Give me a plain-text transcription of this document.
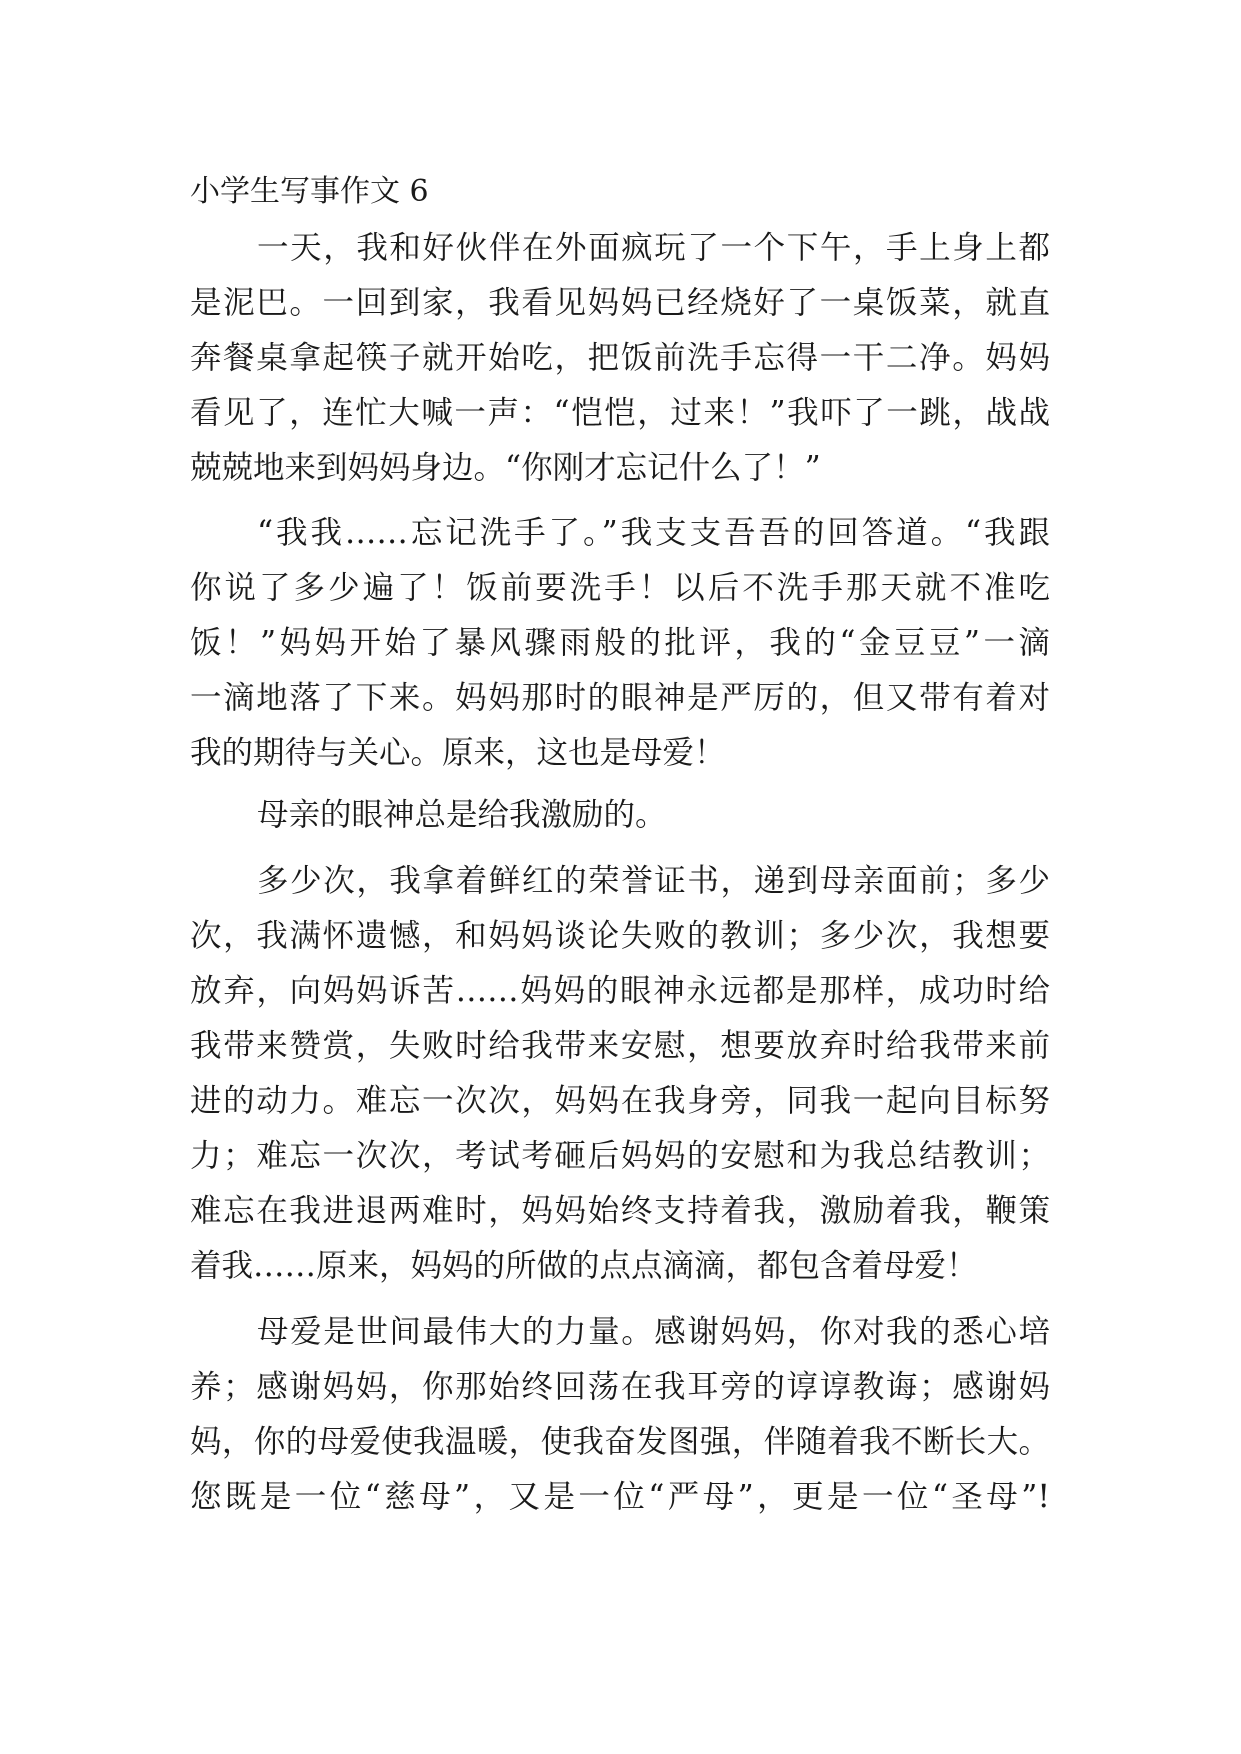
小学生写事作文 6

一天，我和好伙伴在外面疯玩了一个下午，手上身上都

是泥巴。一回到家，我看见妈妈已经烧好了一桌饭菜，就直

奔餐桌拿起筷子就开始吃，把饭前洗手忘得一干二净。妈妈

看见了，连忙大喊一声：“恺恺，过来！”我吓了一跳，战战

兢兢地来到妈妈身边。“你刚才忘记什么了！”

“我我……忘记洗手了。”我支支吾吾的回答道。“我跟

你说了多少遍了！饭前要洗手！以后不洗手那天就不准吃

饭！”妈妈开始了暴风骤雨般的批评，我的“金豆豆”一滴

一滴地落了下来。妈妈那时的眼神是严厉的，但又带有着对

我的期待与关心。原来，这也是母爱！

母亲的眼神总是给我激励的。

多少次，我拿着鲜红的荣誉证书，递到母亲面前；多少

次，我满怀遗憾，和妈妈谈论失败的教训；多少次，我想要

放弃，向妈妈诉苦……妈妈的眼神永远都是那样，成功时给

我带来赞赏，失败时给我带来安慰，想要放弃时给我带来前

进的动力。难忘一次次，妈妈在我身旁，同我一起向目标努

力；难忘一次次，考试考砸后妈妈的安慰和为我总结教训；

难忘在我进退两难时，妈妈始终支持着我，激励着我，鞭策

着我……原来，妈妈的所做的点点滴滴，都包含着母爱！

母爱是世间最伟大的力量。感谢妈妈，你对我的悉心培

养；感谢妈妈，你那始终回荡在我耳旁的谆谆教诲；感谢妈

妈，你的母爱使我温暖，使我奋发图强，伴随着我不断长大。

您既是一位“慈母”，又是一位“严母”，更是一位“圣母”!
